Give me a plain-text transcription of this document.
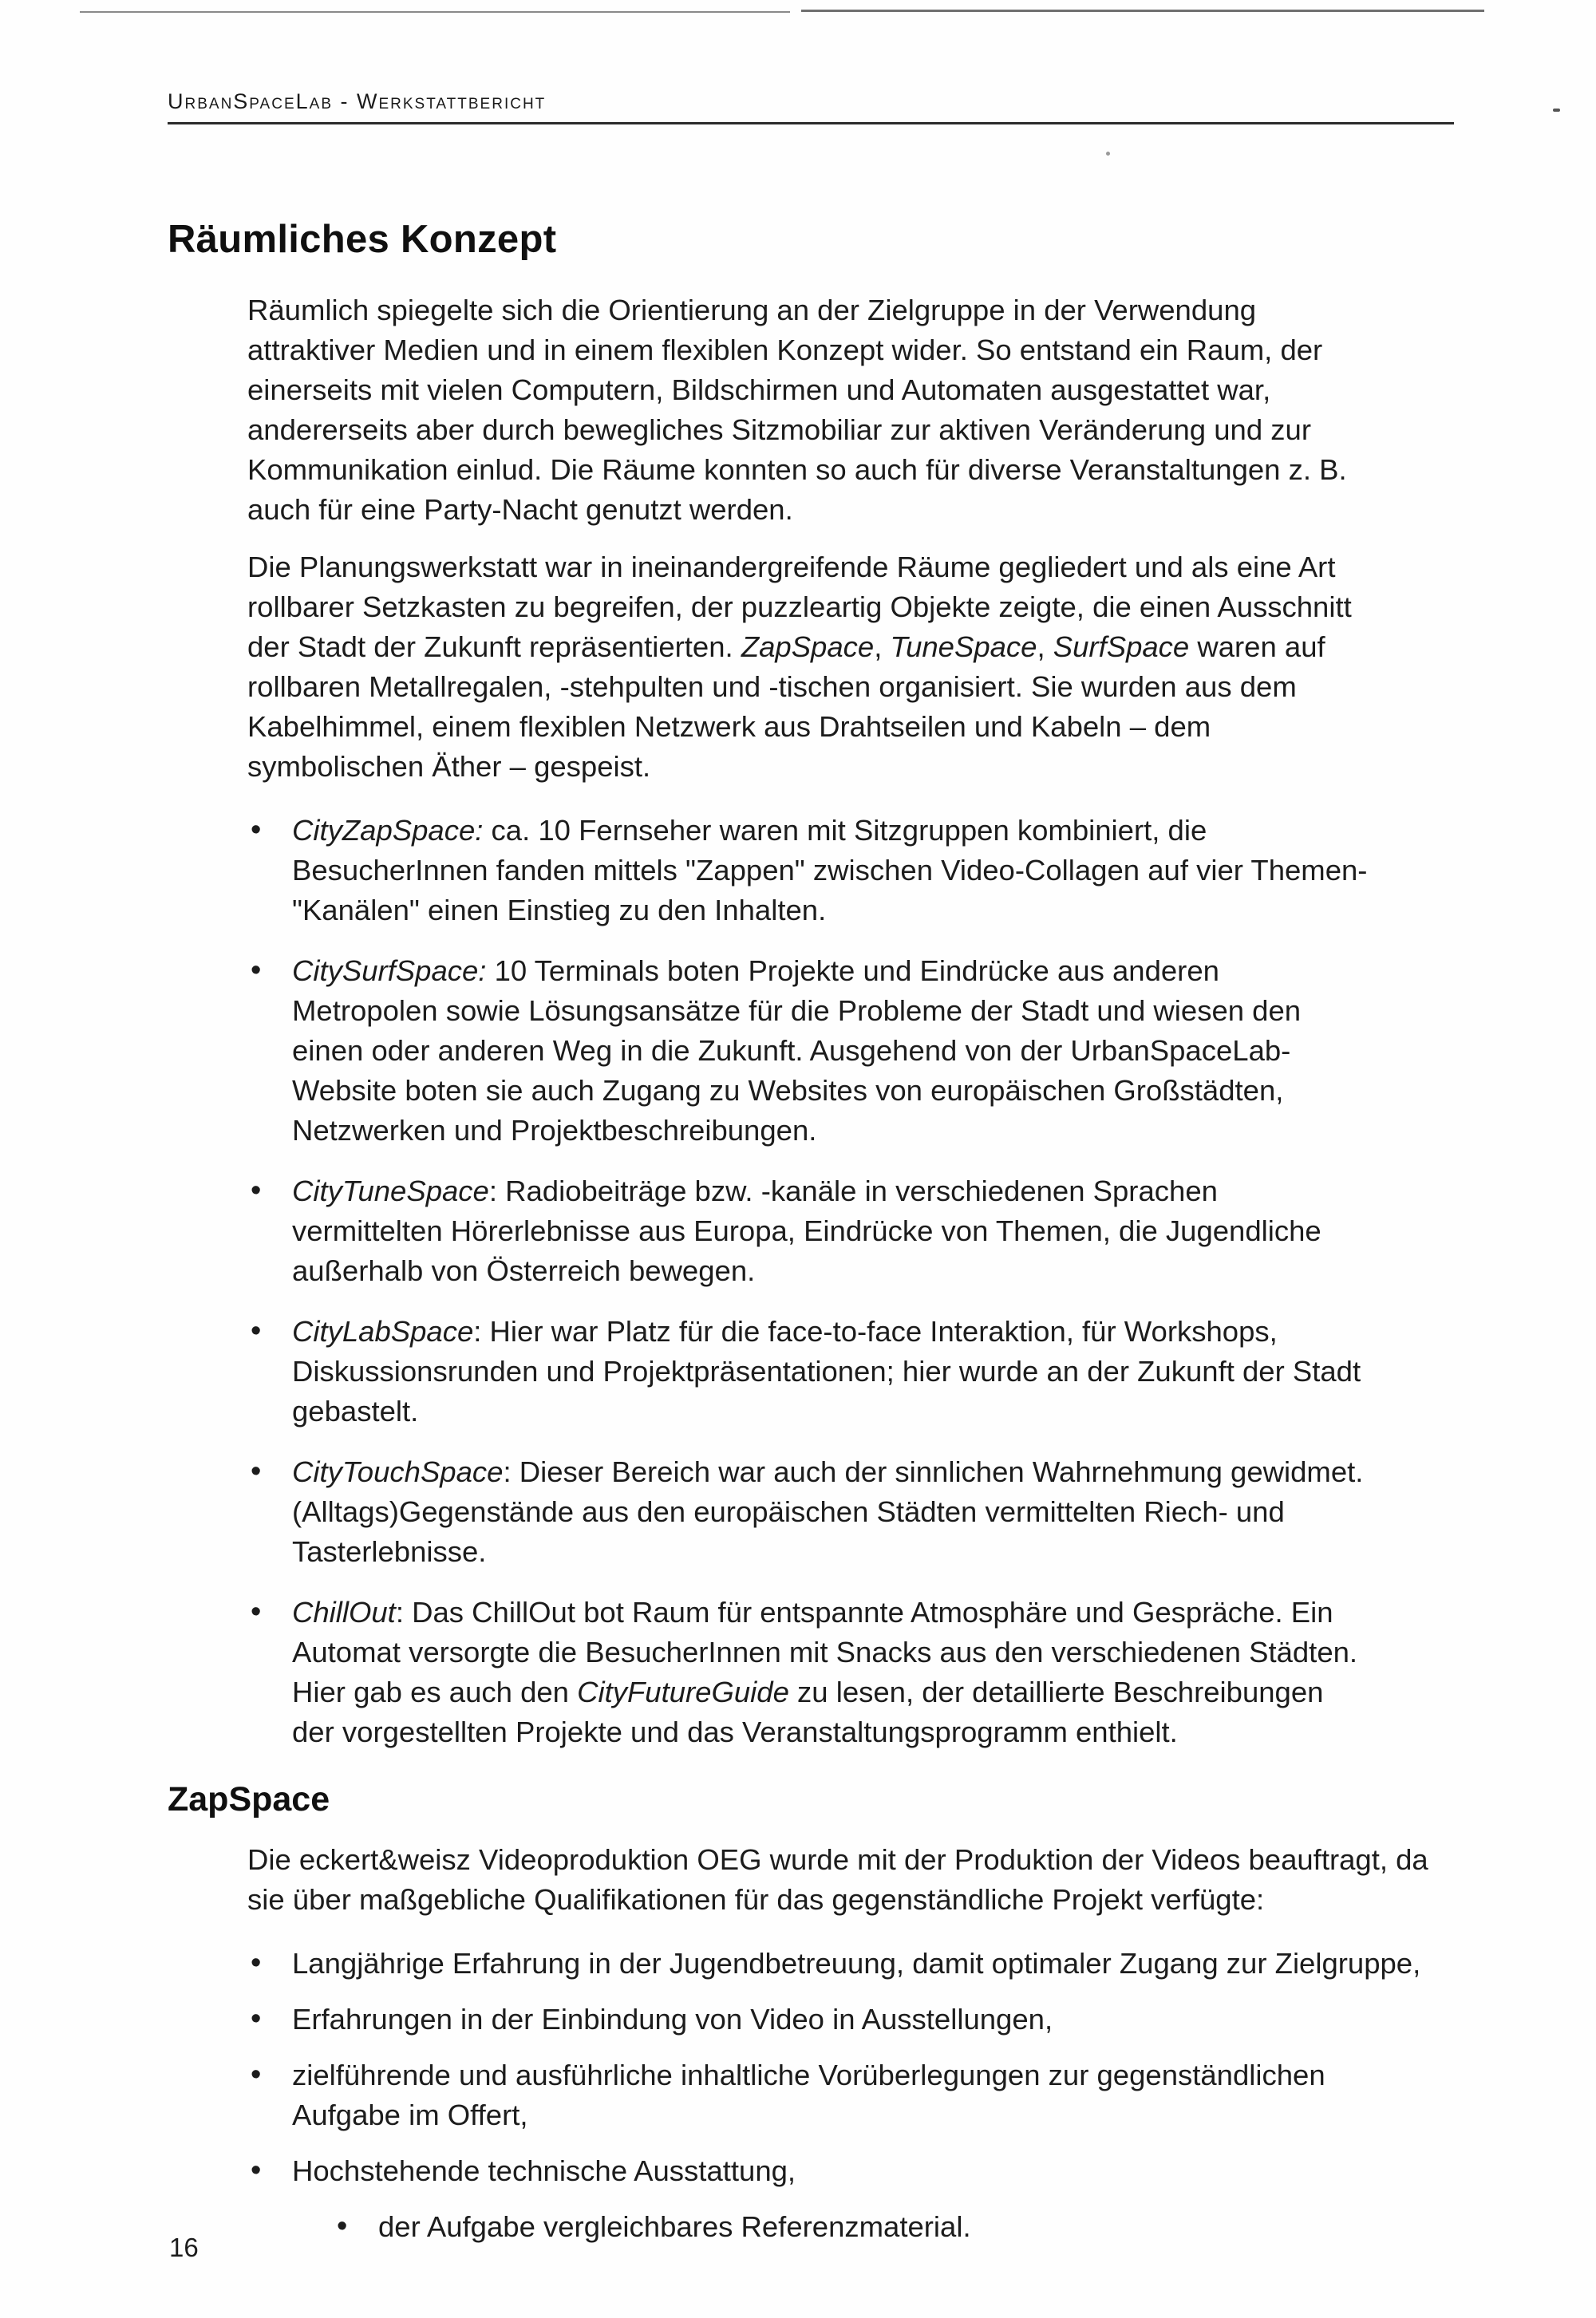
UrbanSpaceLab - Werkstattbericht
Räumliches Konzept

Räumlich spiegelte sich die Orientierung an der Zielgruppe in der Verwendung attraktiver Medien und in einem flexiblen Konzept wider. So entstand ein Raum, der einerseits mit vielen Computern, Bildschirmen und Automaten ausgestattet war, andererseits aber durch bewegliches Sitzmobiliar zur aktiven Veränderung und zur Kommunikation einlud. Die Räume konnten so auch für diverse Veranstaltungen z. B. auch für eine Party-Nacht genutzt werden.

Die Planungswerkstatt war in ineinandergreifende Räume gegliedert und als eine Art rollbarer Setzkasten zu begreifen, der puzzleartig Objekte zeigte, die einen Ausschnitt der Stadt der Zukunft repräsentierten. ZapSpace, TuneSpace, SurfSpace waren auf rollbaren Metallregalen, -stehpulten und -tischen organisiert. Sie wurden aus dem Kabelhimmel, einem flexiblen Netzwerk aus Drahtseilen und Kabeln – dem symbolischen Äther – gespeist.

• CityZapSpace: ca. 10 Fernseher waren mit Sitzgruppen kombiniert, die BesucherInnen fanden mittels "Zappen" zwischen Video-Collagen auf vier Themen-"Kanälen" einen Einstieg zu den Inhalten.
• CitySurfSpace: 10 Terminals boten Projekte und Eindrücke aus anderen Metropolen sowie Lösungsansätze für die Probleme der Stadt und wiesen den einen oder anderen Weg in die Zukunft. Ausgehend von der UrbanSpaceLab-Website boten sie auch Zugang zu Websites von europäischen Großstädten, Netzwerken und Projektbeschreibungen.
• CityTuneSpace: Radiobeiträge bzw. -kanäle in verschiedenen Sprachen vermittelten Hörerlebnisse aus Europa, Eindrücke von Themen, die Jugendliche außerhalb von Österreich bewegen.
• CityLabSpace: Hier war Platz für die face-to-face Interaktion, für Workshops, Diskussionsrunden und Projektpräsentationen; hier wurde an der Zukunft der Stadt gebastelt.
• CityTouchSpace: Dieser Bereich war auch der sinnlichen Wahrnehmung gewidmet. (Alltags)Gegenstände aus den europäischen Städten vermittelten Riech- und Tasterlebnisse.
• ChillOut: Das ChillOut bot Raum für entspannte Atmosphäre und Gespräche. Ein Automat versorgte die BesucherInnen mit Snacks aus den verschiedenen Städten. Hier gab es auch den CityFutureGuide zu lesen, der detaillierte Beschreibungen der vorgestellten Projekte und das Veranstaltungsprogramm enthielt.
ZapSpace

Die eckert&weisz Videoproduktion OEG wurde mit der Produktion der Videos beauftragt, da sie über maßgebliche Qualifikationen für das gegenständliche Projekt verfügte:

• Langjährige Erfahrung in der Jugendbetreuung, damit optimaler Zugang zur Zielgruppe,
• Erfahrungen in der Einbindung von Video in Ausstellungen,
• zielführende und ausführliche inhaltliche Vorüberlegungen zur gegenständlichen Aufgabe im Offert,
• Hochstehende technische Ausstattung,
• der Aufgabe vergleichbares Referenzmaterial.
16
